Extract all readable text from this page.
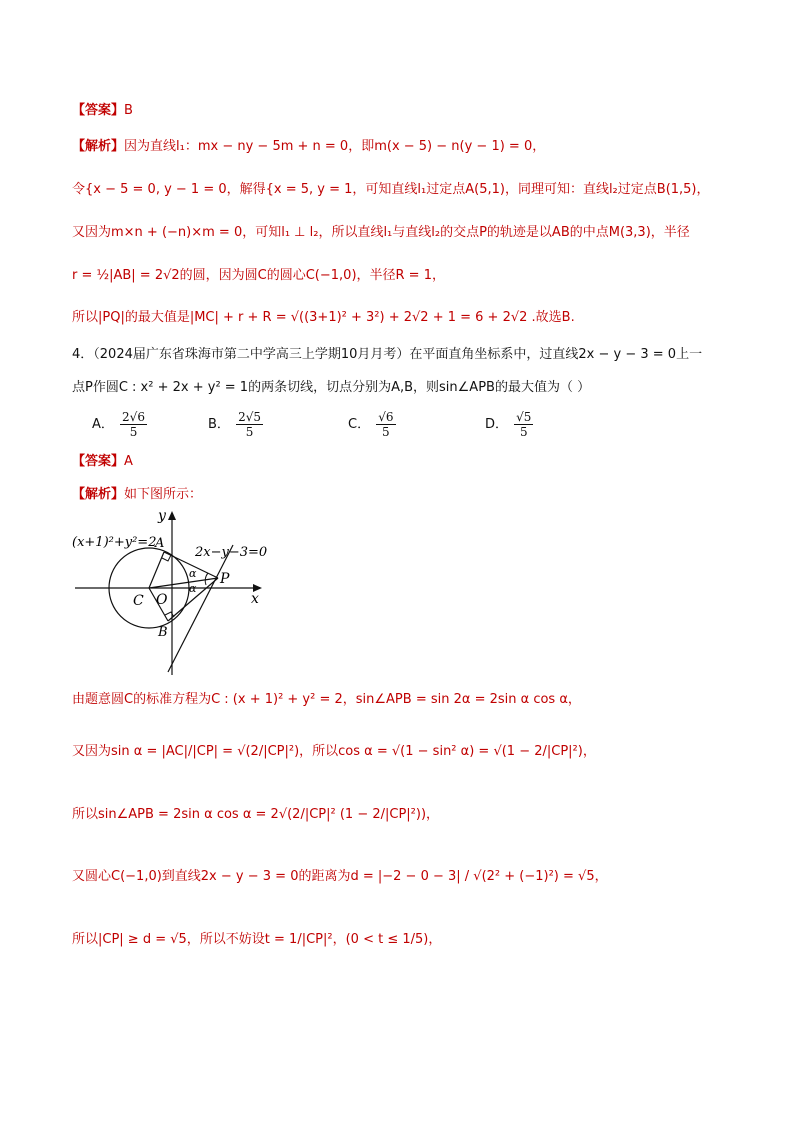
【答案】B
【解析】因为直线l₁：mx − ny − 5m + n = 0，即m(x − 5) − n(y − 1) = 0，
令{x − 5 = 0, y − 1 = 0，解得{x = 5, y = 1，可知直线l₁过定点A(5,1)，同理可知：直线l₂过定点B(1,5)，
又因为m×n + (−n)×m = 0，可知l₁ ⊥ l₂，所以直线l₁与直线l₂的交点P的轨迹是以AB的中点M(3,3)，半径
r = ½|AB| = 2√2的圆，因为圆C的圆心C(−1,0)，半径R = 1，
所以|PQ|的最大值是|MC| + r + R = √((3+1)² + 3²) + 2√2 + 1 = 6 + 2√2 .故选B.
4．（2024届广东省珠海市第二中学高三上学期10月月考）在平面直角坐标系中，过直线2x − y − 3 = 0上一
点P作圆C : x² + 2x + y² = 1的两条切线，切点分别为A,B，则sin∠APB的最大值为（ ）
A． $\frac{2√6}{5}$	B． $\frac{2√5}{5}$	C． $\frac{√6}{5}$	D． $\frac{√5}{5}$
【答案】A
【解析】如下图所示：
y
x
(x+1)²+y²=2
2x−y−3=0
A
B
C O
P
α
α
由题意圆C的标准方程为C : (x + 1)² + y² = 2，sin∠APB = sin 2α = 2sin α cos α，
又因为sin α = |AC|/|CP| = √(2/|CP|²)，所以cos α = √(1 − sin² α) = √(1 − 2/|CP|²)，
所以sin∠APB = 2sin α cos α = 2√(2/|CP|² (1 − 2/|CP|²))，
又圆心C(−1,0)到直线2x − y − 3 = 0的距离为d = |−2 − 0 − 3| / √(2² + (−1)²) = √5，
所以|CP| ≥ d = √5，所以不妨设t = 1/|CP|²，(0 < t ≤ 1/5)，
